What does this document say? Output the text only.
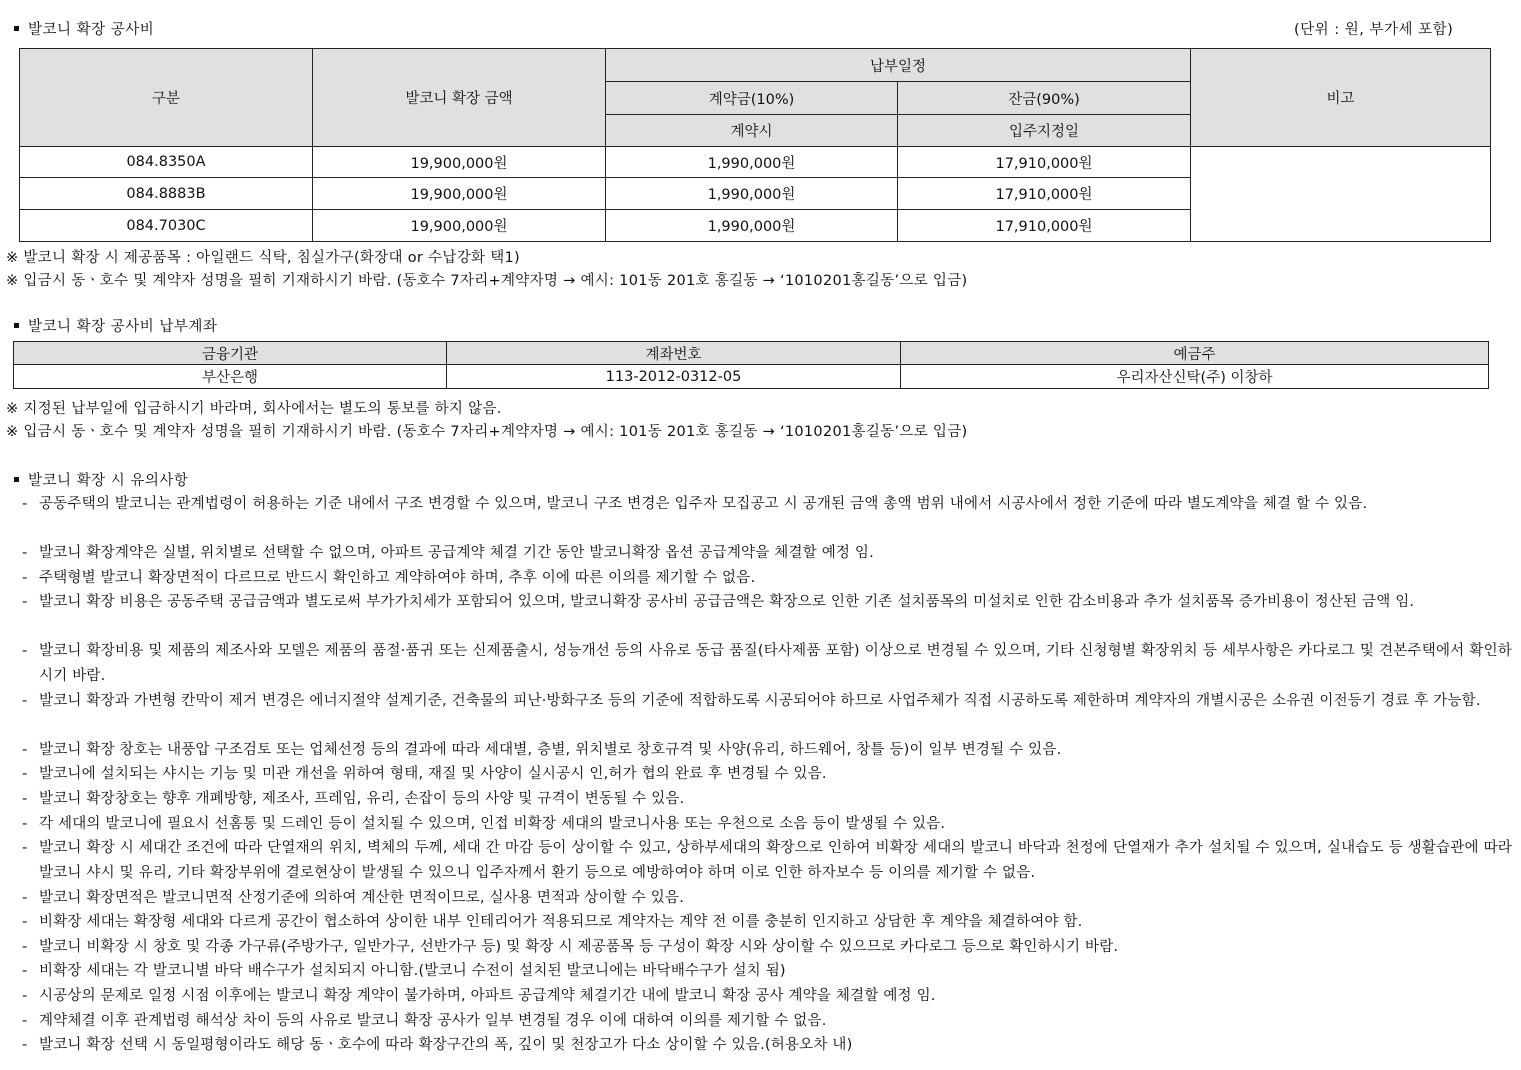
발코니 확장 공사비	(단위 : 원, 부가세 포함)
구분	발코니 확장 금액	납부일정		비고
		계약금(10%)	잔금(90%)	
		계약시	입주지정일	
084.8350A	19,900,000원	1,990,000원	17,910,000원	
084.8883B	19,900,000원	1,990,000원	17,910,000원	
084.7030C	19,900,000원	1,990,000원	17,910,000원	
※ 발코니 확장 시 제공품목 : 아일랜드 식탁, 침실가구(화장대 or 수납강화 택1)
※ 입금시 동ㆍ호수 및 계약자 성명을 필히 기재하시기 바람. (동호수 7자리+계약자명 → 예시: 101동 201호 홍길동 → ‘1010201홍길동’으로 입금)
발코니 확장 공사비 납부계좌
금융기관	계좌번호	예금주
부산은행	113-2012-0312-05	우리자산신탁(주) 이창하
※ 지정된 납부일에 입금하시기 바라며, 회사에서는 별도의 통보를 하지 않음.
※ 입금시 동ㆍ호수 및 계약자 성명을 필히 기재하시기 바람. (동호수 7자리+계약자명 → 예시: 101동 201호 홍길동 → ‘1010201홍길동’으로 입금)
발코니 확장 시 유의사항
- 공동주택의 발코니는 관계법령이 허용하는 기준 내에서 구조 변경할 수 있으며, 발코니 구조 변경은 입주자 모집공고 시 공개된 금액 총액 범위 내에서 시공사에서 정한 기준에 따라 별도계약을 체결 할 수 있음.
- 발코니 확장계약은 실별, 위치별로 선택할 수 없으며, 아파트 공급계약 체결 기간 동안 발코니확장 옵션 공급계약을 체결할 예정 임.
- 주택형별 발코니 확장면적이 다르므로 반드시 확인하고 계약하여야 하며, 추후 이에 따른 이의를 제기할 수 없음.
- 발코니 확장 비용은 공동주택 공급금액과 별도로써 부가가치세가 포함되어 있으며, 발코니확장 공사비 공급금액은 확장으로 인한 기존 설치품목의 미설치로 인한 감소비용과 추가 설치품목 증가비용이 정산된 금액 임.
- 발코니 확장비용 및 제품의 제조사와 모델은 제품의 품절·품귀 또는 신제품출시, 성능개선 등의 사유로 동급 품질(타사제품 포함) 이상으로 변경될 수 있으며, 기타 신청형별 확장위치 등 세부사항은 카다로그 및 견본주택에서 확인하시기 바람.
- 발코니 확장과 가변형 칸막이 제거 변경은 에너지절약 설계기준, 건축물의 피난·방화구조 등의 기준에 적합하도록 시공되어야 하므로 사업주체가 직접 시공하도록 제한하며 계약자의 개별시공은 소유권 이전등기 경료 후 가능함.
- 발코니 확장 창호는 내풍압 구조검토 또는 업체선정 등의 결과에 따라 세대별, 층별, 위치별로 창호규격 및 사양(유리, 하드웨어, 창틀 등)이 일부 변경될 수 있음.
- 발코니에 설치되는 샤시는 기능 및 미관 개선을 위하여 형태, 재질 및 사양이 실시공시 인,허가 협의 완료 후 변경될 수 있음.
- 발코니 확장창호는 향후 개폐방향, 제조사, 프레임, 유리, 손잡이 등의 사양 및 규격이 변동될 수 있음.
- 각 세대의 발코니에 필요시 선홈통 및 드레인 등이 설치될 수 있으며, 인접 비확장 세대의 발코니사용 또는 우천으로 소음 등이 발생될 수 있음.
- 발코니 확장 시 세대간 조건에 따라 단열재의 위치, 벽체의 두께, 세대 간 마감 등이 상이할 수 있고, 상하부세대의 확장으로 인하여 비확장 세대의 발코니 바닥과 천정에 단열재가 추가 설치될 수 있으며, 실내습도 등 생활습관에 따라 발코니 샤시 및 유리, 기타 확장부위에 결로현상이 발생될 수 있으니 입주자께서 환기 등으로 예방하여야 하며 이로 인한 하자보수 등 이의를 제기할 수 없음.
- 발코니 확장면적은 발코니면적 산정기준에 의하여 계산한 면적이므로, 실사용 면적과 상이할 수 있음.
- 비확장 세대는 확장형 세대와 다르게 공간이 협소하여 상이한 내부 인테리어가 적용되므로 계약자는 계약 전 이를 충분히 인지하고 상담한 후 계약을 체결하여야 함.
- 발코니 비확장 시 창호 및 각종 가구류(주방가구, 일반가구, 선반가구 등) 및 확장 시 제공품목 등 구성이 확장 시와 상이할 수 있으므로 카다로그 등으로 확인하시기 바람.
- 비확장 세대는 각 발코니별 바닥 배수구가 설치되지 아니함.(발코니 수전이 설치된 발코니에는 바닥배수구가 설치 됨)
- 시공상의 문제로 일정 시점 이후에는 발코니 확장 계약이 불가하며, 아파트 공급계약 체결기간 내에 발코니 확장 공사 계약을 체결할 예정 임.
- 계약체결 이후 관계법령 해석상 차이 등의 사유로 발코니 확장 공사가 일부 변경될 경우 이에 대하여 이의를 제기할 수 없음.
- 발코니 확장 선택 시 동일평형이라도 해당 동ㆍ호수에 따라 확장구간의 폭, 깊이 및 천장고가 다소 상이할 수 있음.(허용오차 내)
